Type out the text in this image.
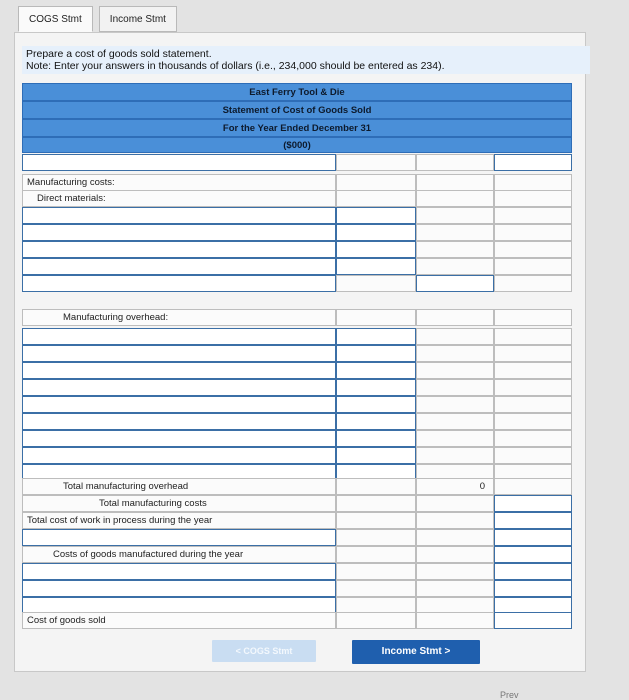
COGS Stmt	Income Stmt
Prepare a cost of goods sold statement.
Note: Enter your answers in thousands of dollars (i.e., 234,000 should be entered as 234).
East Ferry Tool & Die
Statement of Cost of Goods Sold
For the Year Ended December 31
($000)
Manufacturing costs:
Direct materials:
Manufacturing overhead:
Total manufacturing overhead	0
Total manufacturing costs
Total cost of work in process during the year
Costs of goods manufactured during the year
Cost of goods sold
< COGS Stmt	Income Stmt >
Prev
